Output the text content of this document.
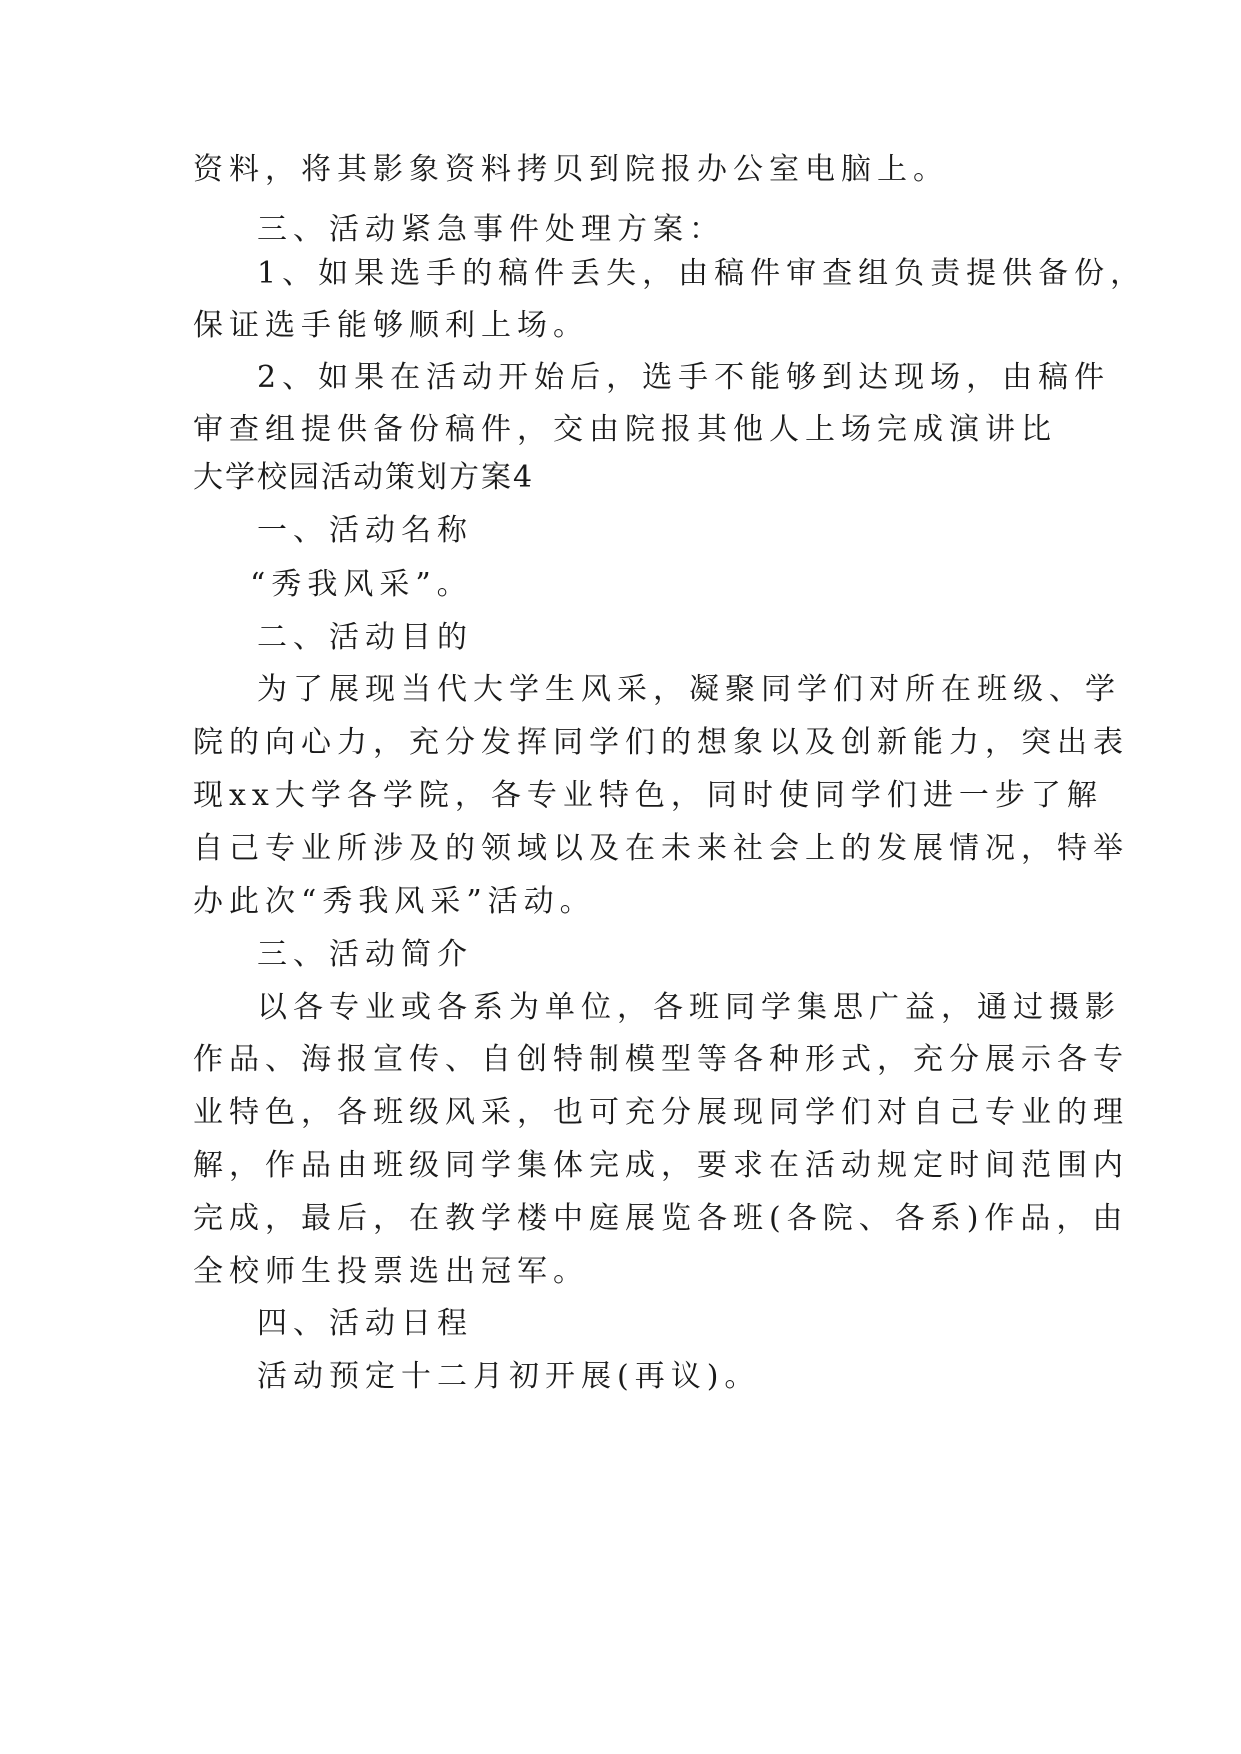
资料，将其影象资料拷贝到院报办公室电脑上。
三、活动紧急事件处理方案：
1、如果选手的稿件丢失，由稿件审查组负责提供备份，
保证选手能够顺利上场。
2、如果在活动开始后，选手不能够到达现场，由稿件
审查组提供备份稿件，交由院报其他人上场完成演讲比
大学校园活动策划方案4
一、活动名称
“秀我风采”。
二、活动目的
为了展现当代大学生风采，凝聚同学们对所在班级、学
院的向心力，充分发挥同学们的想象以及创新能力，突出表
现xx大学各学院，各专业特色，同时使同学们进一步了解
自己专业所涉及的领域以及在未来社会上的发展情况，特举
办此次“秀我风采”活动。
三、活动简介
以各专业或各系为单位，各班同学集思广益，通过摄影
作品、海报宣传、自创特制模型等各种形式，充分展示各专
业特色，各班级风采，也可充分展现同学们对自己专业的理
解，作品由班级同学集体完成，要求在活动规定时间范围内
完成，最后，在教学楼中庭展览各班(各院、各系)作品，由
全校师生投票选出冠军。
四、活动日程
活动预定十二月初开展(再议)。
